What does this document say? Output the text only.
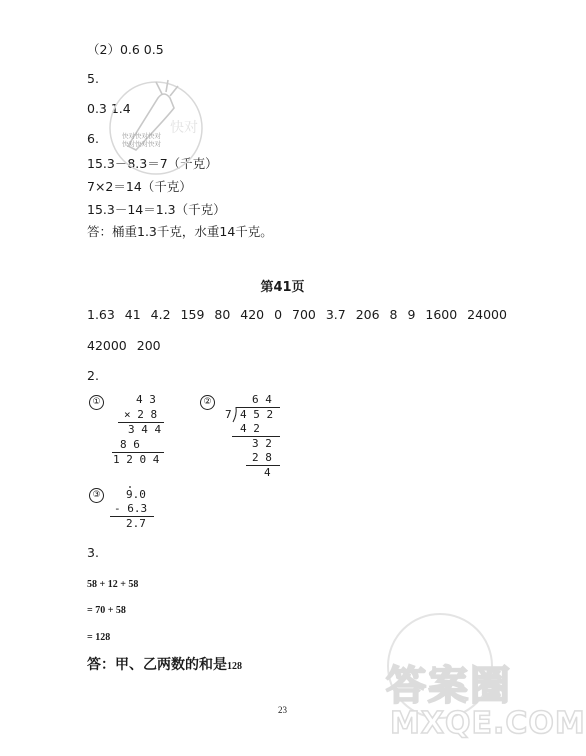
（2）0.6 0.5
5.
0.3 1.4
6.
15.3－8.3＝7（千克）
7×2＝14（千克）
15.3－14＝1.3（千克）
答：桶重1.3千克，水重14千克。
快对
快对快对快对
快对快对快对
第41页
1.63 41 4.2 159 80 420 0 700 3.7 206 8 9 1600 24000
42000 200
2.
①	4 3
× 2 8
3 4 4
8 6
1 2 0 4
②	6 4
7 4 5 2
4 2
3 2
2 8
4
③	9.0
- 6.3
2.7
3.
58 + 12 + 58
= 70 + 58
= 128
答：甲、乙两数的和是128	答案圈
MXQE.COM
23
